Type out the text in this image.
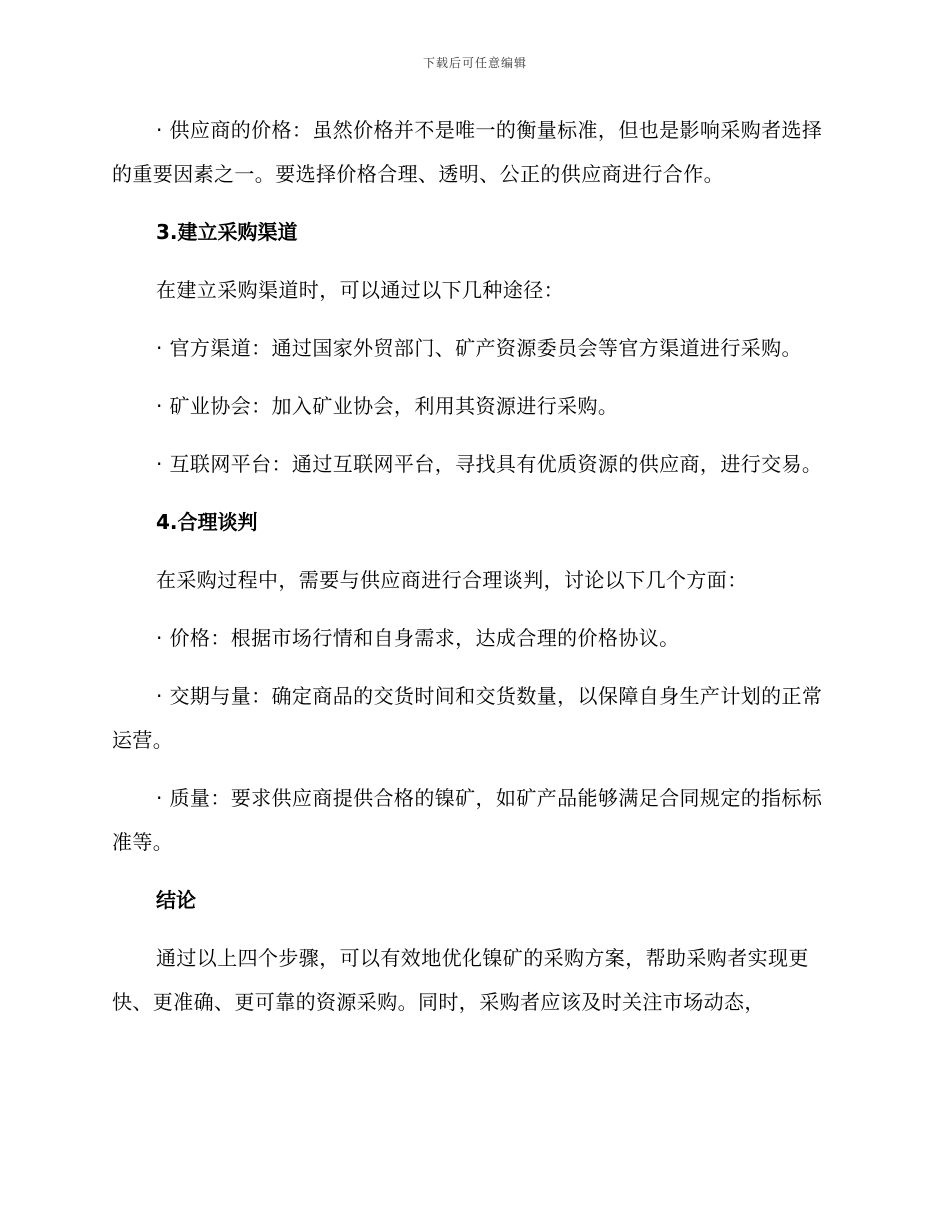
下载后可任意编辑

· 供应商的价格：虽然价格并不是唯一的衡量标准，但也是影响采购者选择的重要因素之一。要选择价格合理、透明、公正的供应商进行合作。

3.建立采购渠道

在建立采购渠道时，可以通过以下几种途径：

· 官方渠道：通过国家外贸部门、矿产资源委员会等官方渠道进行采购。

· 矿业协会：加入矿业协会，利用其资源进行采购。

· 互联网平台：通过互联网平台，寻找具有优质资源的供应商，进行交易。

4.合理谈判

在采购过程中，需要与供应商进行合理谈判，讨论以下几个方面：

· 价格：根据市场行情和自身需求，达成合理的价格协议。

· 交期与量：确定商品的交货时间和交货数量，以保障自身生产计划的正常运营。

· 质量：要求供应商提供合格的镍矿，如矿产品能够满足合同规定的指标标准等。

结论

通过以上四个步骤，可以有效地优化镍矿的采购方案，帮助采购者实现更快、更准确、更可靠的资源采购。同时，采购者应该及时关注市场动态，
